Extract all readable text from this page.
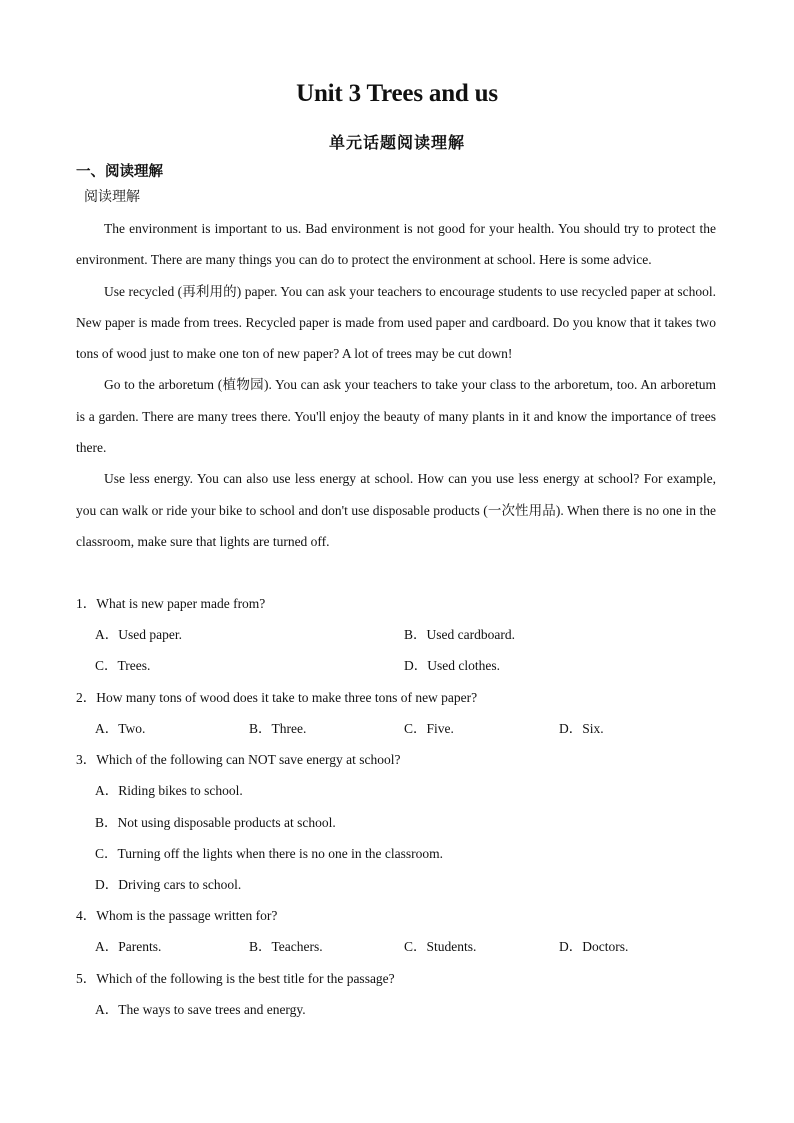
Unit 3 Trees and us
单元话题阅读理解
一、阅读理解
阅读理解

The environment is important to us. Bad environment is not good for your health. You should try to protect the environment. There are many things you can do to protect the environment at school. Here is some advice.

Use recycled (再利用的) paper. You can ask your teachers to encourage students to use recycled paper at school. New paper is made from trees. Recycled paper is made from used paper and cardboard. Do you know that it takes two tons of wood just to make one ton of new paper? A lot of trees may be cut down!

Go to the arboretum (植物园). You can ask your teachers to take your class to the arboretum, too. An arboretum is a garden. There are many trees there. You'll enjoy the beauty of many plants in it and know the importance of trees there.

Use less energy. You can also use less energy at school. How can you use less energy at school? For example, you can walk or ride your bike to school and don't use disposable products (一次性用品). When there is no one in the classroom, make sure that lights are turned off.

1．What is new paper made from?
A．Used paper.	B．Used cardboard.
C．Trees.	D．Used clothes.
2．How many tons of wood does it take to make three tons of new paper?
A．Two.	B．Three.	C．Five.	D．Six.
3．Which of the following can NOT save energy at school?
A．Riding bikes to school.
B．Not using disposable products at school.
C．Turning off the lights when there is no one in the classroom.
D．Driving cars to school.
4．Whom is the passage written for?
A．Parents.	B．Teachers.	C．Students.	D．Doctors.
5．Which of the following is the best title for the passage?
A．The ways to save trees and energy.
